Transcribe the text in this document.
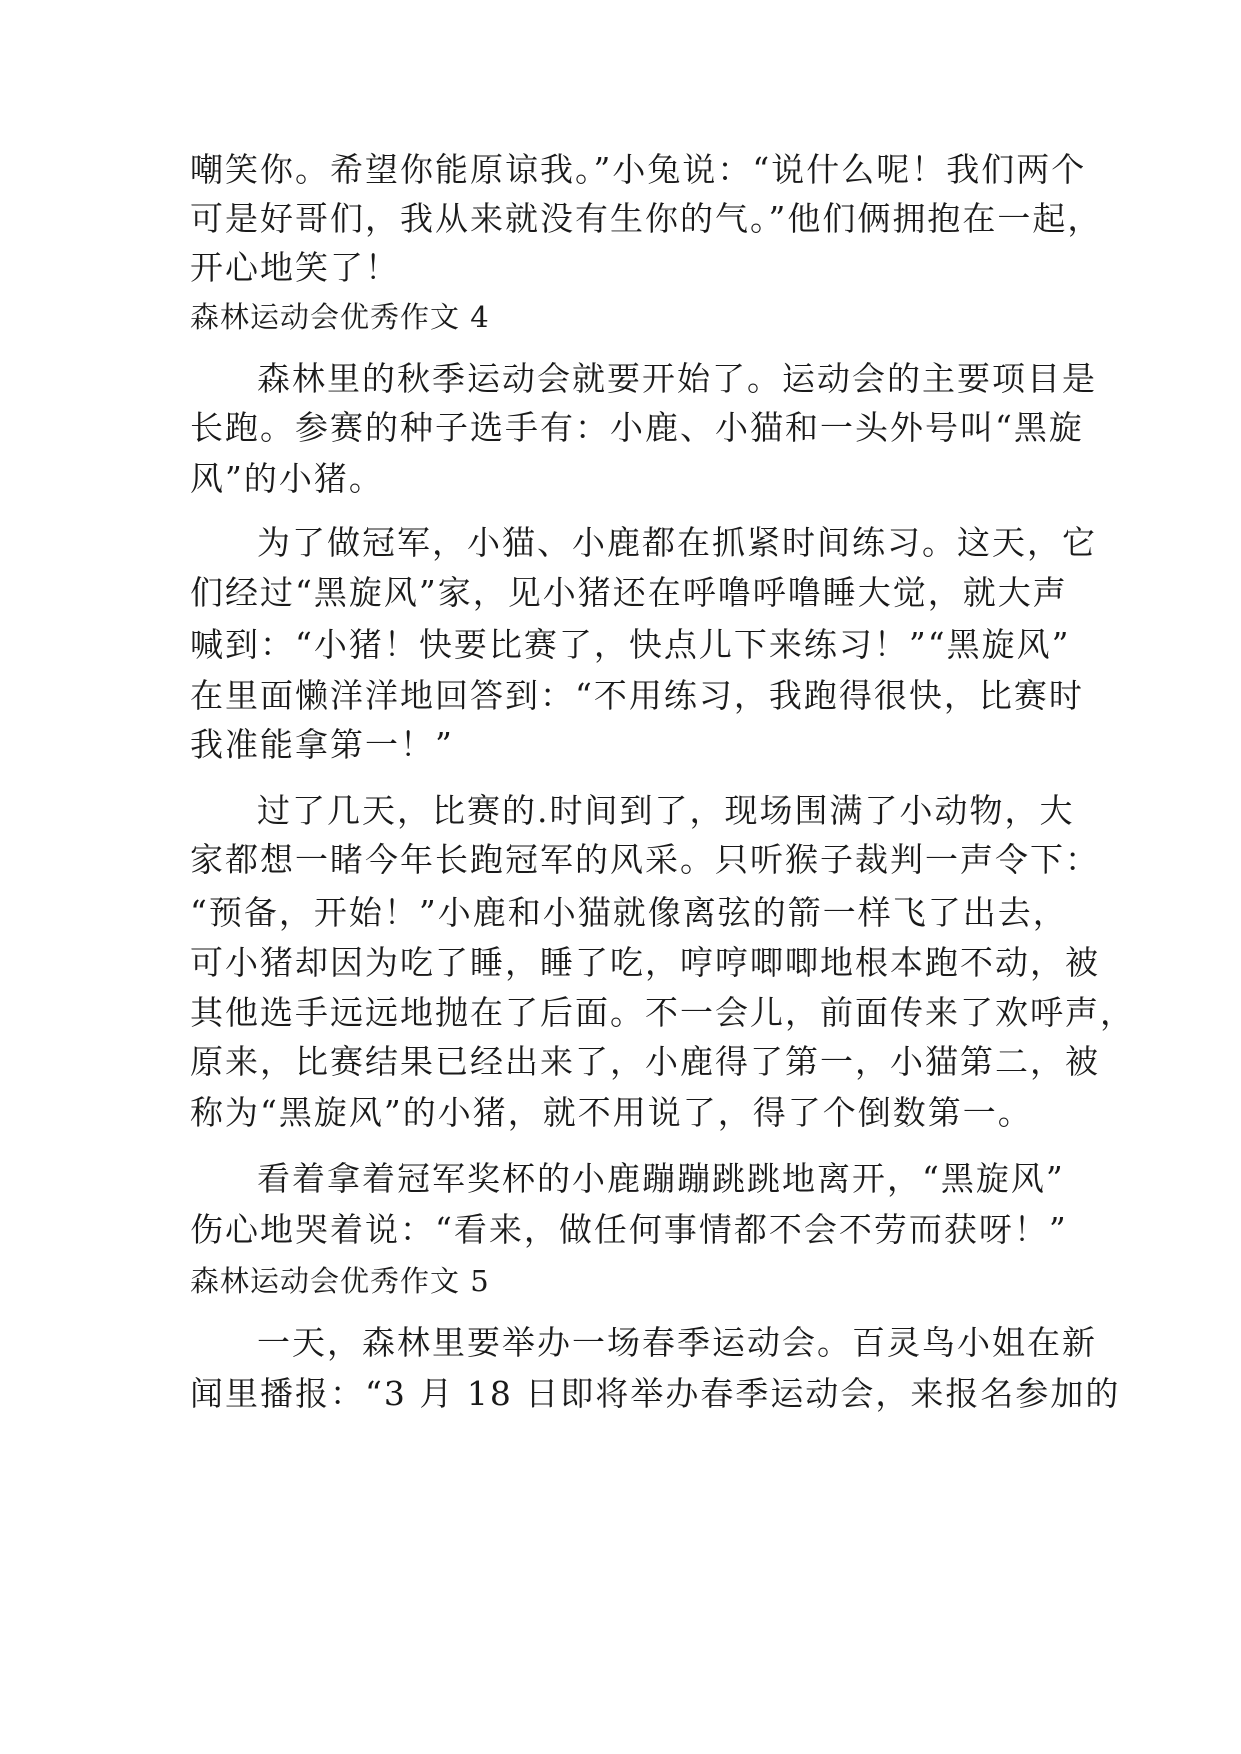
嘲笑你。希望你能原谅我。”小兔说：“说什么呢！我们两个
可是好哥们，我从来就没有生你的气。”他们俩拥抱在一起，
开心地笑了！
森林运动会优秀作文 4
森林里的秋季运动会就要开始了。运动会的主要项目是
长跑。参赛的种子选手有：小鹿、小猫和一头外号叫“黑旋
风”的小猪。
为了做冠军，小猫、小鹿都在抓紧时间练习。这天，它
们经过“黑旋风”家，见小猪还在呼噜呼噜睡大觉，就大声
喊到：“小猪！快要比赛了，快点儿下来练习！”“黑旋风”
在里面懒洋洋地回答到：“不用练习，我跑得很快，比赛时
我准能拿第一！”
过了几天，比赛的.时间到了，现场围满了小动物，大
家都想一睹今年长跑冠军的风采。只听猴子裁判一声令下：
“预备，开始！”小鹿和小猫就像离弦的箭一样飞了出去，
可小猪却因为吃了睡，睡了吃，哼哼唧唧地根本跑不动，被
其他选手远远地抛在了后面。不一会儿，前面传来了欢呼声，
原来，比赛结果已经出来了，小鹿得了第一，小猫第二，被
称为“黑旋风”的小猪，就不用说了，得了个倒数第一。
看着拿着冠军奖杯的小鹿蹦蹦跳跳地离开，“黑旋风”
伤心地哭着说：“看来，做任何事情都不会不劳而获呀！”
森林运动会优秀作文 5
一天，森林里要举办一场春季运动会。百灵鸟小姐在新
闻里播报：“3 月 18 日即将举办春季运动会，来报名参加的
